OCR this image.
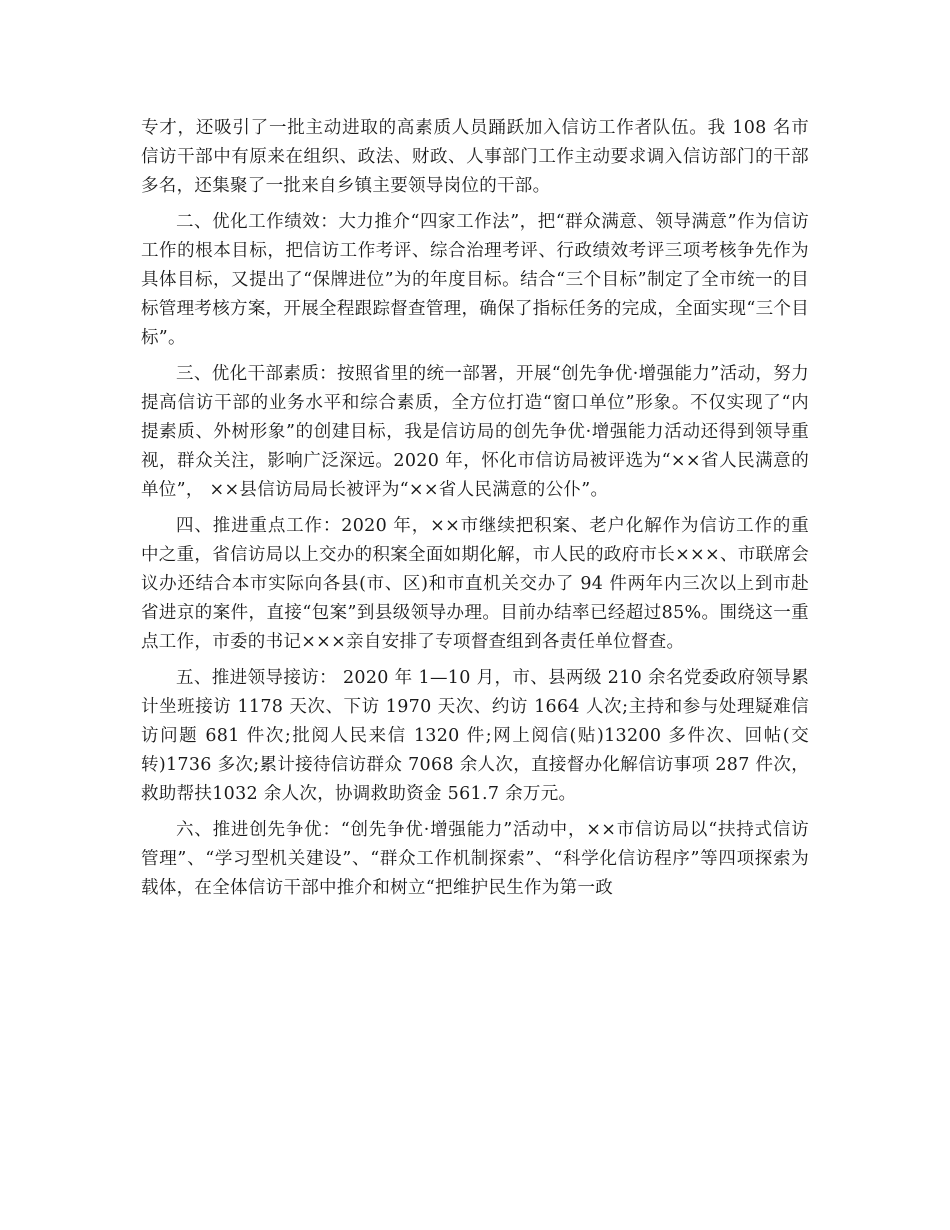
专才，还吸引了一批主动进取的高素质人员踊跃加入信访工作者队伍。我 108 名市信访干部中有原来在组织、政法、财政、人事部门工作主动要求调入信访部门的干部多名，还集聚了一批来自乡镇主要领导岗位的干部。

二、优化工作绩效：大力推介“四家工作法”，把“群众满意、领导满意”作为信访工作的根本目标，把信访工作考评、综合治理考评、行政绩效考评三项考核争先作为具体目标，又提出了“保牌进位”为的年度目标。结合“三个目标”制定了全市统一的目标管理考核方案，开展全程跟踪督查管理，确保了指标任务的完成，全面实现“三个目标”。

三、优化干部素质：按照省里的统一部署，开展“创先争优·增强能力”活动，努力提高信访干部的业务水平和综合素质，全方位打造“窗口单位”形象。不仅实现了“内提素质、外树形象”的创建目标，我是信访局的创先争优·增强能力活动还得到领导重视，群众关注，影响广泛深远。2020 年，怀化市信访局被评选为“××省人民满意的单位”， ××县信访局局长被评为“××省人民满意的公仆”。

四、推进重点工作：2020 年，××市继续把积案、老户化解作为信访工作的重中之重，省信访局以上交办的积案全面如期化解，市人民的政府市长×××、市联席会议办还结合本市实际向各县(市、区)和市直机关交办了 94 件两年内三次以上到市赴省进京的案件，直接“包案”到县级领导办理。目前办结率已经超过85%。围绕这一重点工作，市委的书记×××亲自安排了专项督查组到各责任单位督查。

五、推进领导接访： 2020 年 1—10 月，市、县两级 210 余名党委政府领导累计坐班接访 1178 天次、下访 1970 天次、约访 1664 人次;主持和参与处理疑难信访问题 681 件次;批阅人民来信 1320 件;网上阅信(贴)13200 多件次、回帖(交转)1736 多次;累计接待信访群众 7068 余人次，直接督办化解信访事项 287 件次，救助帮扶1032 余人次，协调救助资金 561.7 余万元。

六、推进创先争优：“创先争优·增强能力”活动中，××市信访局以“扶持式信访管理”、“学习型机关建设”、“群众工作机制探索”、“科学化信访程序”等四项探索为载体，在全体信访干部中推介和树立“把维护民生作为第一政
